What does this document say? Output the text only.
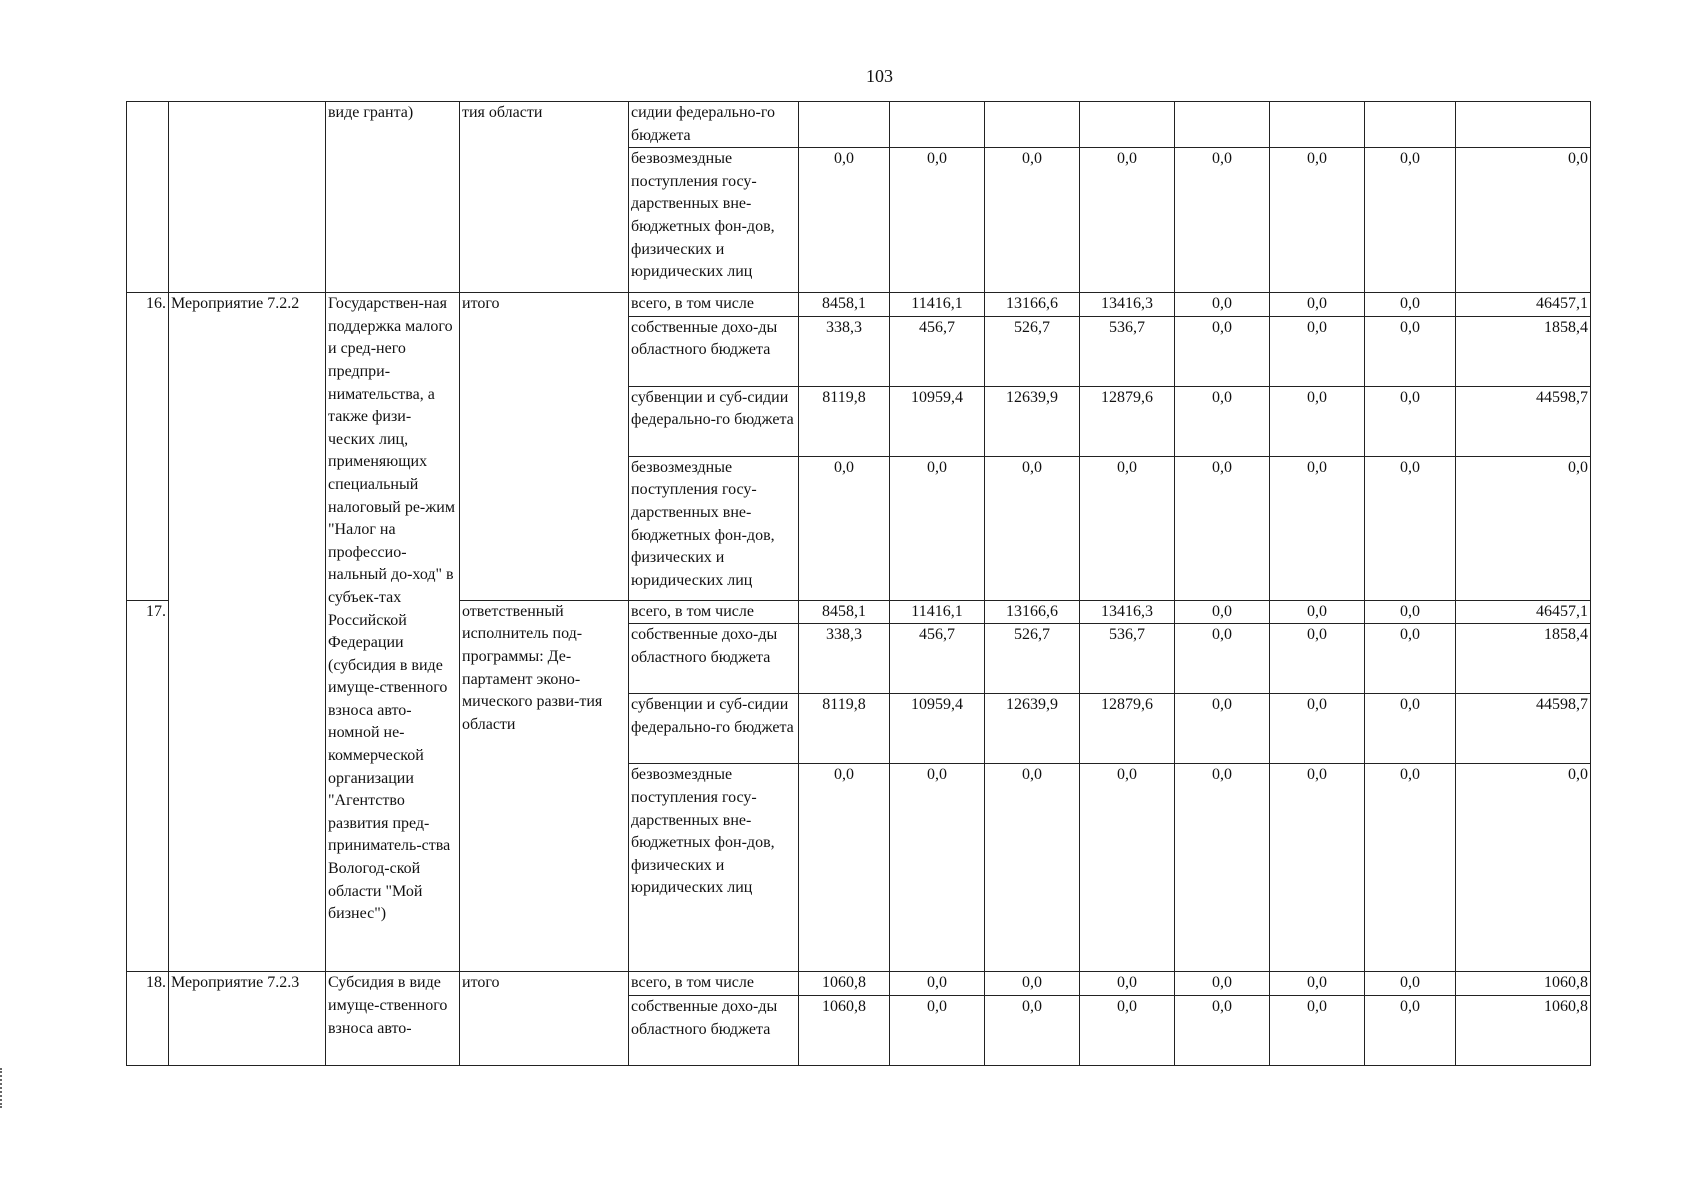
103
		виде гранта)	тия области	сидии федерально-го бюджета								
				безвозмездные поступления госу-дарственных вне-бюджетных фон-дов, физических и юридических лиц	0,0	0,0	0,0	0,0	0,0	0,0	0,0	0,0
16.	Мероприятие 7.2.2	Государствен-ная поддержка малого и сред-него предпри-нимательства, а также физи-ческих лиц, применяющих специальный налоговый ре-жим "Налог на профессио-нальный до-ход" в субъек-тах Российской Федерации (субсидия в виде имуще-ственного взноса авто-номной не-коммерческой организации "Агентство развития пред-приниматель-ства Вологод-ской области "Мой бизнес")	итого	всего, в том числе	8458,1	11416,1	13166,6	13416,3	0,0	0,0	0,0	46457,1
				собственные дохо-ды областного бюджета	338,3	456,7	526,7	536,7	0,0	0,0	0,0	1858,4
				субвенции и суб-сидии федерально-го бюджета	8119,8	10959,4	12639,9	12879,6	0,0	0,0	0,0	44598,7
				безвозмездные поступления госу-дарственных вне-бюджетных фон-дов, физических и юридических лиц	0,0	0,0	0,0	0,0	0,0	0,0	0,0	0,0
17.			ответственный исполнитель под-программы: Де-партамент эконо-мического разви-тия области	всего, в том числе	8458,1	11416,1	13166,6	13416,3	0,0	0,0	0,0	46457,1
				собственные дохо-ды областного бюджета	338,3	456,7	526,7	536,7	0,0	0,0	0,0	1858,4
				субвенции и суб-сидии федерально-го бюджета	8119,8	10959,4	12639,9	12879,6	0,0	0,0	0,0	44598,7
				безвозмездные поступления госу-дарственных вне-бюджетных фон-дов, физических и юридических лиц	0,0	0,0	0,0	0,0	0,0	0,0	0,0	0,0
18.	Мероприятие 7.2.3	Субсидия в виде имуще-ственного взноса авто-	итого	всего, в том числе	1060,8	0,0	0,0	0,0	0,0	0,0	0,0	1060,8
				собственные дохо-ды областного бюджета	1060,8	0,0	0,0	0,0	0,0	0,0	0,0	1060,8
